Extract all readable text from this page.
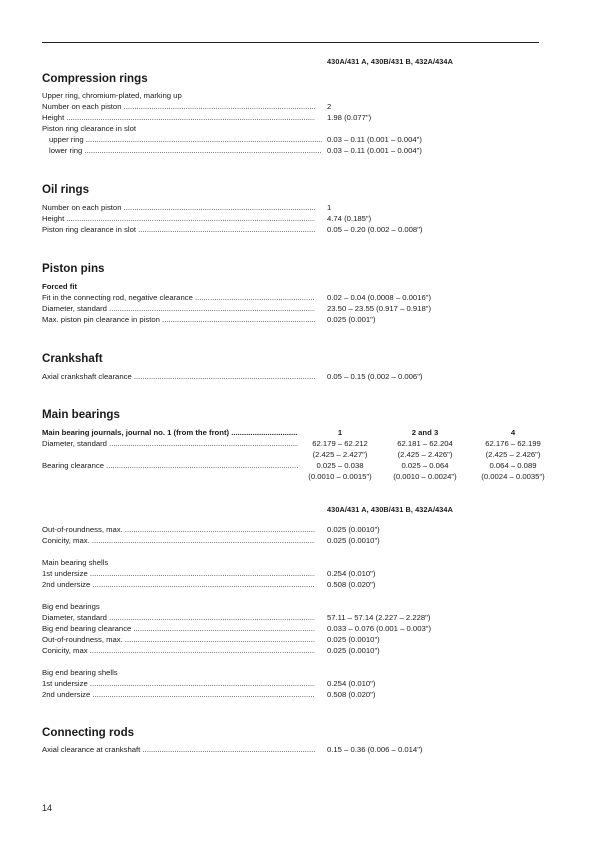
430A/431 A, 430B/431 B, 432A/434A
Compression rings
Upper ring, chromium-plated, marking up
Number on each piston .....	2
Height .....	1.98 (0.077")
Piston ring clearance in slot
upper ring .....	0.03 – 0.11 (0.001 – 0.004")
lower ring .....	0.03 – 0.11 (0.001 – 0.004")
Oil rings
Number on each piston .....	1
Height .....	4.74 (0.185")
Piston ring clearance in slot .....	0.05 – 0.20 (0.002 – 0.008")
Piston pins
Forced fit
Fit in the connecting rod, negative clearance .....	0.02 – 0.04 (0.0008 – 0.0016")
Diameter, standard .....	23.50 – 23.55 (0.917 – 0.918")
Max. piston pin clearance in piston .....	0.025 (0.001")
Crankshaft
Axial crankshaft clearance .....	0.05 – 0.15 (0.002 – 0.006")
Main bearings
Main bearing journals, journal no. 1 (from the front) .....	1	2 and 3	4
Diameter, standard .....	62.179 – 62.212	62.181 – 62.204	62.176 – 62.199
(2.425 – 2.427")	(2.425 – 2.426")	(2.425 – 2.426")
Bearing clearance .....	0.025 – 0.038	0.025 – 0.064	0.064 – 0.089
(0.0010 – 0.0015")	(0.0010 – 0.0024")	(0.0024 – 0.0035")
430A/431 A, 430B/431 B, 432A/434A
Out-of-roundness, max. .....	0.025 (0.0010")
Conicity, max. .....	0.025 (0.0010")
Main bearing shells
1st undersize .....	0.254 (0.010")
2nd undersize .....	0.508 (0.020")
Big end bearings
Diameter, standard .....	57.11 – 57.14 (2.227 – 2.228")
Big end bearing clearance .....	0.033 – 0.076 (0.001 – 0.003")
Out-of-roundness, max. .....	0.025 (0.0010")
Conicity, max .....	0.025 (0.0010")
Big end bearing shells
1st undersize .....	0.254 (0.010")
2nd undersize .....	0.508 (0.020")
Connecting rods
Axial clearance at crankshaft .....	0.15 – 0.36 (0.006 – 0.014")
14
